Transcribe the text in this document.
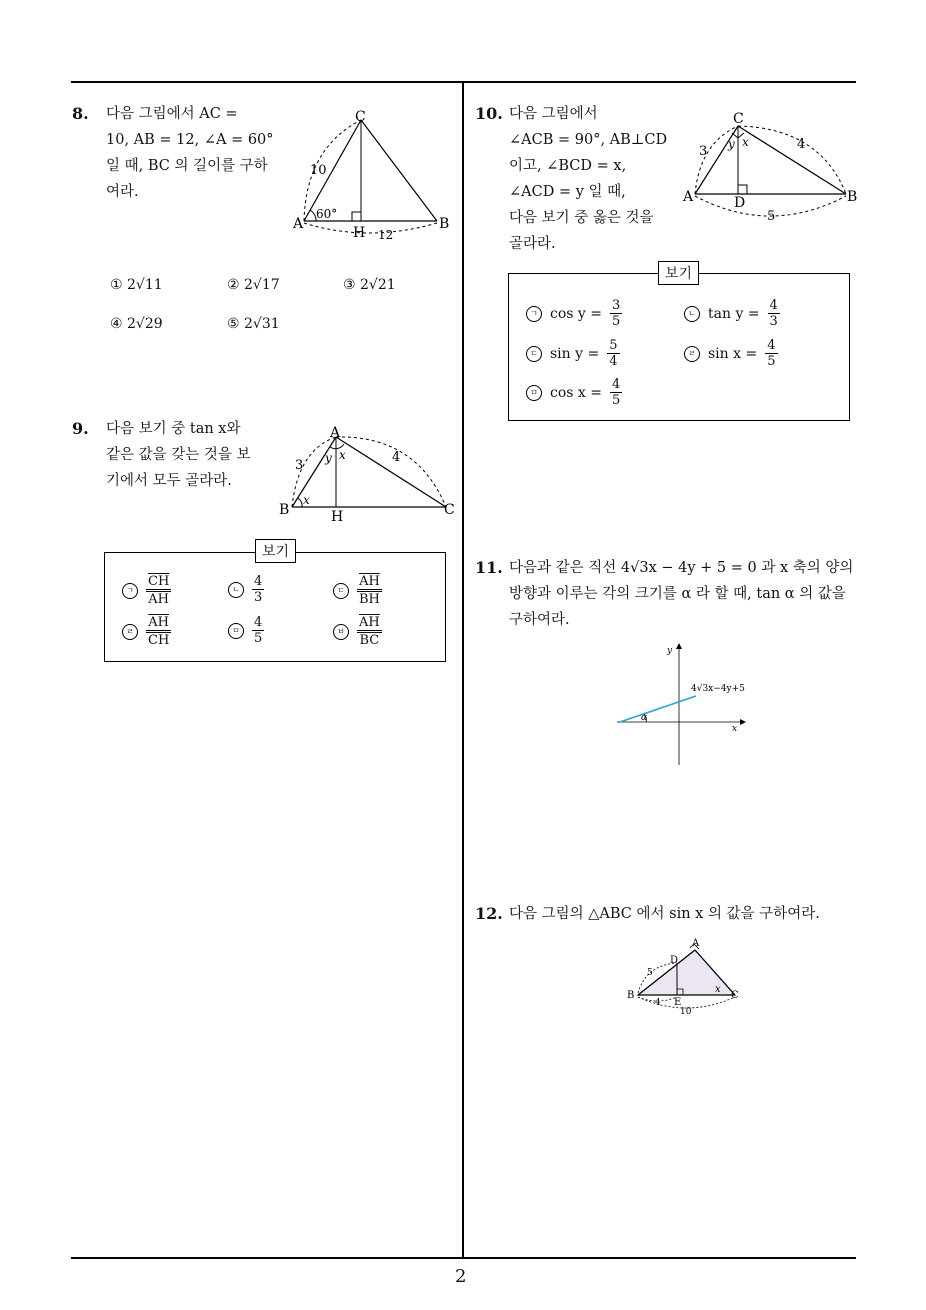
8. 다음 그림에서 AC =
10, AB = 12, ∠A = 60°
일 때, BC 의 길이를 구하
여라.
C
A	B
H
10
12
60°
① 2√11	② 2√17	③ 2√21
④ 2√29	⑤ 2√31
9. 다음 보기 중 tan x와
같은 값을 갖는 것을 보
기에서 모두 골라라.
A
B	C
H
3
4
x
y x
보기
ㄱ $\frac{\overline{CH}}{AH}$	ㄴ $\frac{4}{3}$	ㄷ $\frac{\overline{AH}}{BH}$
ㄹ $\frac{\overline{AH}}{CH}$	ㅁ $\frac{4}{5}$	ㅂ $\frac{\overline{AH}}{BC}$
10. 다음 그림에서
∠ACB = 90°, AB⊥CD
이고, ∠BCD = x,
∠ACD = y 일 때,
다음 보기 중 옳은 것을
골라라.
C
A	B
D
3	4
5
y x
보기
ㄱ $\cos y = \frac{3}{5}$	ㄴ $\tan y = \frac{4}{3}$
ㄷ $\sin y = \frac{5}{4}$	ㄹ $\sin x = \frac{4}{5}$
ㅁ $\cos x = \frac{4}{5}$
11. 다음과 같은 직선 4√3x − 4y + 5 = 0 과 x 축의 양의
방향과 이루는 각의 크기를 α 라 할 때, tan α 의 값을
구하여라.
y
x
4√3x−4y+5
α
12. 다음 그림의 △ABC 에서 sin x 의 값을 구하여라.
A
B	C
D
E
5
4
10
x
2
